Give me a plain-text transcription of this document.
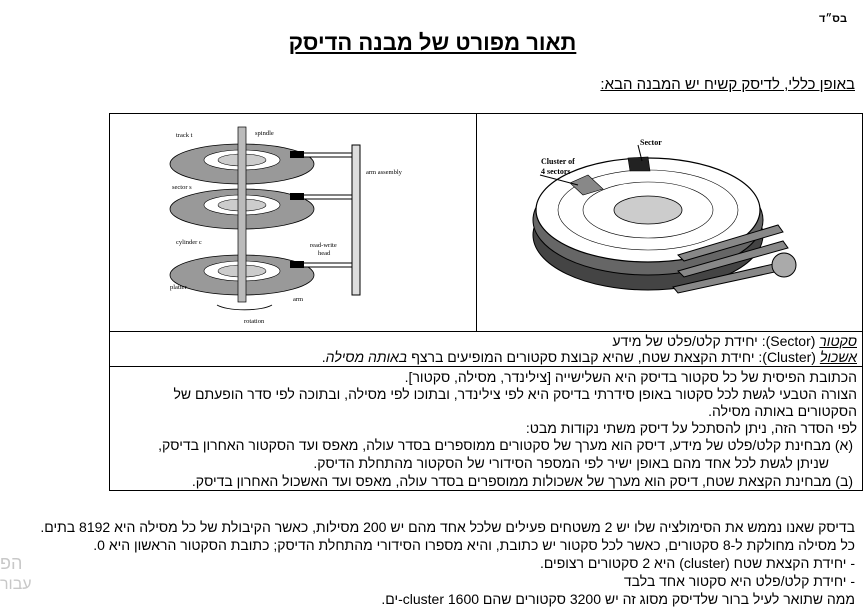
בס״ד
תאור מפורט של מבנה הדיסק
באופן כללי, לדיסק קשיח יש המבנה הבא:
track t	spindle
sector s
arm assembly
cylinder c	read-write
head
platter
arm
rotation
Sector
Cluster of
4 sectors
סקטור (Sector): יחידת קלט/פלט של מידע
אשכול (Cluster): יחידת הקצאת שטח, שהיא קבוצת סקטורים המופיעים ברצף באותה מסילה.
הכתובת הפיסית של כל סקטור בדיסק היא השלישייה [צילינדר, מסילה, סקטור].
הצורה הטבעי לגשת לכל סקטור באופן סידרתי בדיסק היא לפי צילינדר, ובתוכו לפי מסילה, ובתוכה לפי סדר הופעתם של
הסקטורים באותה מסילה.
לפי הסדר הזה, ניתן להסתכל על דיסק משתי נקודות מבט:
(א) מבחינת קלט/פלט של מידע, דיסק הוא מערך של סקטורים ממוספרים בסדר עולה, מאפס ועד הסקטור האחרון בדיסק,
שניתן לגשת לכל אחד מהם באופן ישיר לפי המספר הסידורי של הסקטור מהתחלת הדיסק.
(ב) מבחינת הקצאת שטח, דיסק הוא מערך של אשכולות ממוספרים בסדר עולה, מאפס ועד האשכול האחרון בדיסק.
בדיסק שאנו נממש את הסימולציה שלו יש 2 משטחים פעילים שלכל אחד מהם יש 200 מסילות, כאשר הקיבולת של כל מסילה היא 8192 בתים.
כל מסילה מחולקת ל-8 סקטורים, כאשר לכל סקטור יש כתובת, והיא מספרו הסידורי מהתחלת הדיסק; כתובת הסקטור הראשון היא 0.
- יחידת הקצאת שטח (cluster) היא 2 סקטורים רצופים.
- יחידת קלט/פלט היא סקטור אחד בלבד
ממה שתואר לעיל ברור שלדיסק מסוג זה יש 3200 סקטורים שהם 1600 cluster-ים.
הפ
עבור
